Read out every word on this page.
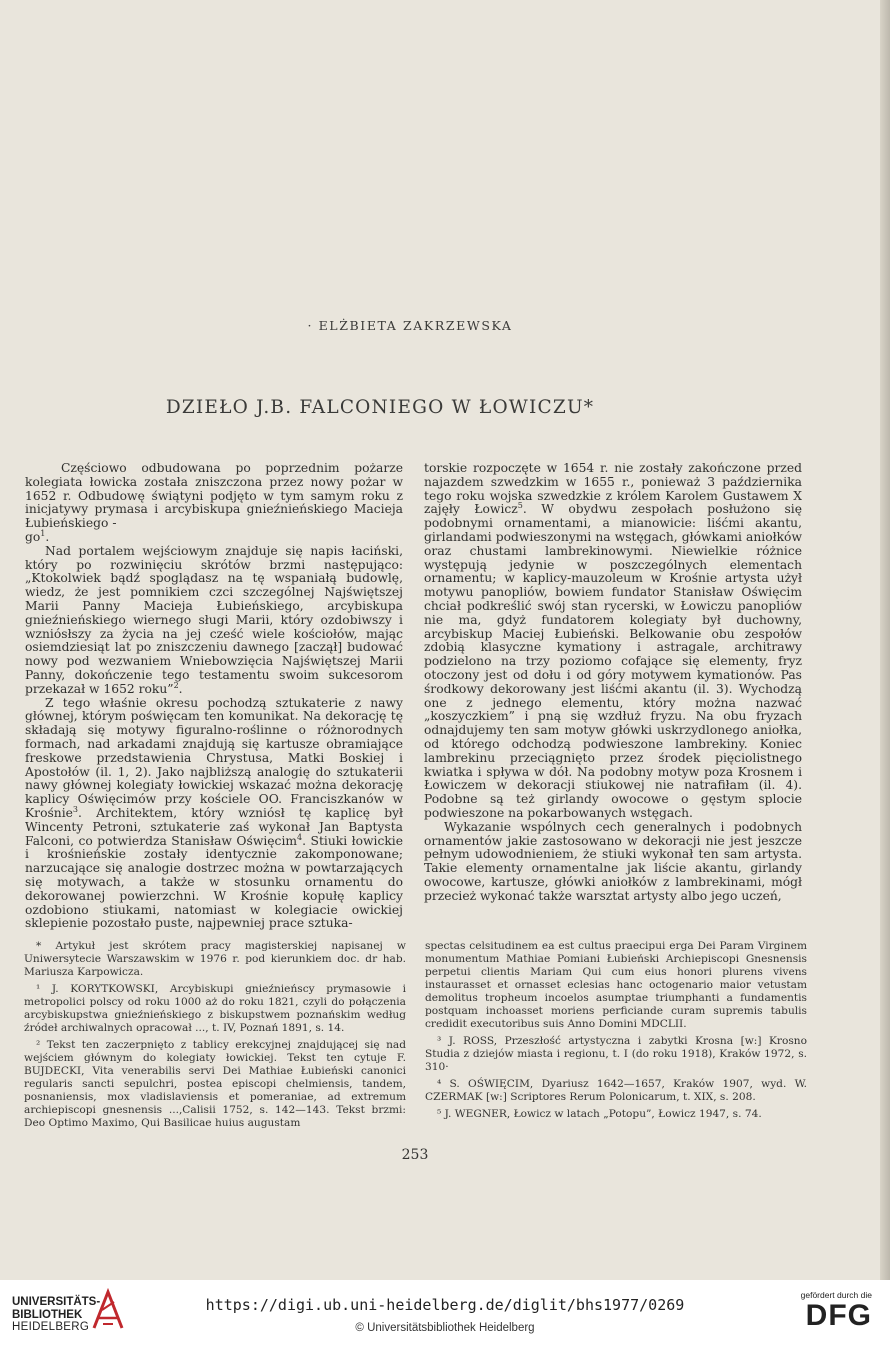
· ELŻBIETA ZAKRZEWSKA
DZIEŁO J.B. FALCONIEGO W ŁOWICZU*

Częściowo odbudowana po poprzednim pożarze kolegiata łowicka została zniszczona przez nowy pożar w 1652 r. Odbudowę świątyni podjęto w tym samym roku z inicjatywy prymasa i arcybiskupa gnieźnieńskiego Macieja Łubieńskiego -
$go^1$.

Nad portalem wejściowym znajduje się napis łaciński, który po rozwinięciu skrótów brzmi następująco: „Ktokolwiek bądź spoglądasz na tę wspaniałą budowlę, wiedz, że jest pomnikiem czci szczególnej Najświętszej Marii Panny Macieja Łubieńskiego, arcybiskupa gnieźnieńskiego wiernego sługi Marii, który ozdobiwszy i wzniósłszy za życia na jej cześć wiele kościołów, mając osiemdziesiąt lat po zniszczeniu dawnego [zaczął] budować nowy pod wezwaniem Wniebowzięcia Najświętszej Marii Panny, dokończenie tego testamentu swoim sukcesorom przekazał w 1652 roku”$^2$.

Z tego właśnie okresu pochodzą sztukaterie z nawy głównej, którym poświęcam ten komunikat. Na dekorację tę składają się motywy figuralno-roślinne o różnorodnych formach, nad arkadami znajdują się kartusze obramiające freskowe przedstawienia Chrystusa, Matki Boskiej i Apostołów (il. 1, 2). Jako najbliższą analogię do sztukaterii nawy głównej kolegiaty łowickiej wskazać można dekorację kaplicy Oświęcimów przy kościele OO. Franciszkanów w Krośnie$^3$. Architektem, który wzniósł tę kaplicę był Wincenty Petroni, sztukaterie zaś wykonał Jan Baptysta Falconi, co potwierdza Stanisław Oświęcim$^4$. Stiuki łowickie i krośnieńskie zostały identycznie zakomponowane; narzucające się analogie dostrzec można w powtarzających się motywach, a także w stosunku ornamentu do dekorowanej powierzchni. W Krośnie kopułę kaplicy ozdobiono stiukami, natomiast w kolegiacie owickiej sklepienie pozostało puste, najpewniej prace sztuka-

torskie rozpoczęte w 1654 r. nie zostały zakończone przed najazdem szwedzkim w 1655 r., ponieważ 3 października tego roku wojska szwedzkie z królem Karolem Gustawem X zajęły Łowicz$^5$. W obydwu zespołach posłużono się podobnymi ornamentami, a mianowicie: liśćmi akantu, girlandami podwieszonymi na wstęgach, główkami aniołków oraz chustami lambrekinowymi. Niewielkie różnice występują jedynie w poszczególnych elementach ornamentu; w kaplicy-mauzoleum w Krośnie artysta użył motywu panopliów, bowiem fundator Stanisław Oświęcim chciał podkreślić swój stan rycerski, w Łowiczu panopliów nie ma, gdyż fundatorem kolegiaty był duchowny, arcybiskup Maciej Łubieński. Belkowanie obu zespołów zdobią klasyczne kymationy i astragale, architrawy podzielono na trzy poziomo cofające się elementy, fryz otoczony jest od dołu i od góry motywem kymationów. Pas środkowy dekorowany jest liśćmi akantu (il. 3). Wychodzą one z jednego elementu, który można nazwać „koszyczkiem” i pną się wzdłuż fryzu. Na obu fryzach odnajdujemy ten sam motyw główki uskrzydlonego aniołka, od którego odchodzą podwieszone lambrekiny. Koniec lambrekinu przeciągnięto przez środek pięciolistnego kwiatka i spływa w dół. Na podobny motyw poza Krosnem i Łowiczem w dekoracji stiukowej nie natrafiłam (il. 4). Podobne są też girlandy owocowe o gęstym splocie podwieszone na pokarbowanych wstęgach.

Wykazanie wspólnych cech generalnych i podobnych ornamentów jakie zastosowano w dekoracji nie jest jeszcze pełnym udowodnieniem, że stiuki wykonał ten sam artysta. Takie elementy ornamentalne jak liście akantu, girlandy owocowe, kartusze, główki aniołków z lambrekinami, mógł przecież wykonać także warsztat artysty albo jego uczeń,

* Artykuł jest skrótem pracy magisterskiej napisanej w Uniwersytecie Warszawskim w 1976 r. pod kierunkiem doc. dr hab. Mariusza Karpowicza.

¹ J. KORYTKOWSKI, Arcybiskupi gnieźnieńscy prymasowie i metropolici polscy od roku 1000 aż do roku 1821, czyli do połączenia arcybiskupstwa gnieźnieńskiego z biskupstwem poznańskim według źródeł archiwalnych opracował ..., t. IV, Poznań 1891, s. 14.

² Tekst ten zaczerpnięto z tablicy erekcyjnej znajdującej się nad wejściem głównym do kolegiaty łowickiej. Tekst ten cytuje F. BUJDECKI, Vita venerabilis servi Dei Mathiae Łubieński canonici regularis sancti sepulchri, postea episcopi chelmiensis, tandem, posnaniensis, mox vladislaviensis et pomeraniae, ad extremum archiepiscopi gnesnensis ...,Calisii 1752, s. 142—143. Tekst brzmi: Deo Optimo Maximo, Qui Basilicae huius augustam

spectas celsitudinem ea est cultus praecipui erga Dei Param Virginem monumentum Mathiae Pomiani Łubieński Archiepiscopi Gnesnensis perpetui clientis Mariam Qui cum eius honori plurens vivens instaurasset et ornasset eclesias hanc octogenario maior vetustam demolitus tropheum incoelos asumptae triumphanti a fundamentis postquam inchoasset moriens perficiande curam supremis tabulis credidit executoribus suis Anno Domini MDCLII.

³ J. ROSS, Przeszłość artystyczna i zabytki Krosna [w:] Krosno Studia z dziejów miasta i regionu, t. I (do roku 1918), Kraków 1972, s. 310·

⁴ S. OŚWIĘCIM, Dyariusz 1642—1657, Kraków 1907, wyd. W. CZERMAK [w:] Scriptores Rerum Polonicarum, t. XIX, s. 208.

⁵ J. WEGNER, Łowicz w latach „Potopu”, Łowicz 1947, s. 74.

253
UNIVERSITÄTS-
BIBLIOTHEK
HEIDELBERG
https://digi.ub.uni-heidelberg.de/diglit/bhs1977/0269
© Universitätsbibliothek Heidelberg
gefördert durch die
DFG
